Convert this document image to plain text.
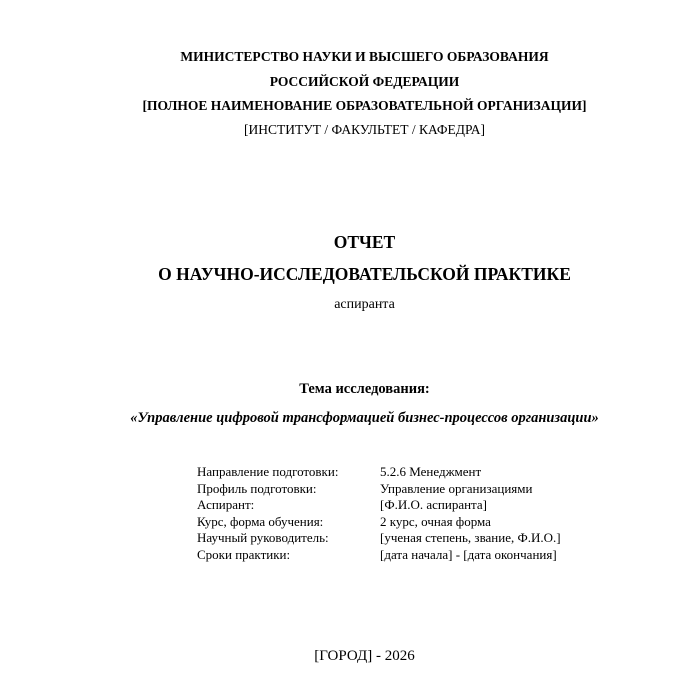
МИНИСТЕРСТВО НАУКИ И ВЫСШЕГО ОБРАЗОВАНИЯ
РОССИЙСКОЙ ФЕДЕРАЦИИ
[ПОЛНОЕ НАИМЕНОВАНИЕ ОБРАЗОВАТЕЛЬНОЙ ОРГАНИЗАЦИИ]
[ИНСТИТУТ / ФАКУЛЬТЕТ / КАФЕДРА]
ОТЧЕТ
О НАУЧНО-ИССЛЕДОВАТЕЛЬСКОЙ ПРАКТИКЕ
аспиранта
Тема исследования:
«Управление цифровой трансформацией бизнес-процессов организации»
Направление подготовки:	5.2.6 Менеджмент
Профиль подготовки:	Управление организациями
Аспирант:	[Ф.И.О. аспиранта]
Курс, форма обучения:	2 курс, очная форма
Научный руководитель:	[ученая степень, звание, Ф.И.О.]
Сроки практики:	[дата начала] - [дата окончания]
[ГОРОД] - 2026
